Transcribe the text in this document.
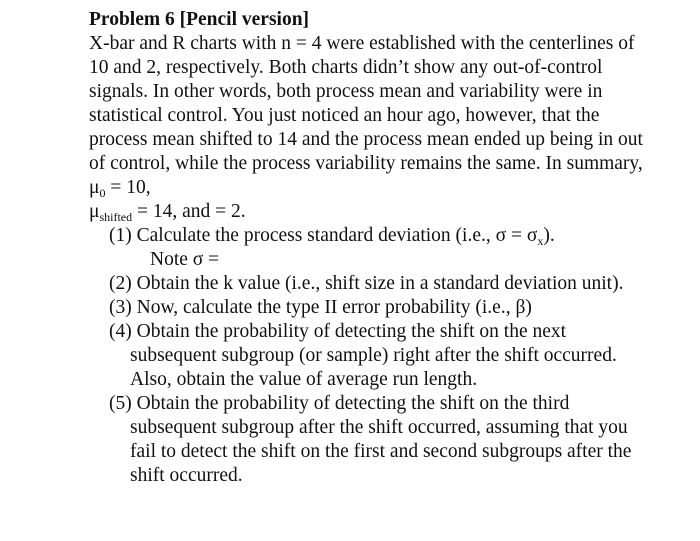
Problem 6 [Pencil version]

X-bar and R charts with n = 4 were established with the centerlines of 10 and 2, respectively. Both charts didn’t show any out-of-control signals. In other words, both process mean and variability were in statistical control. You just noticed an hour ago, however, that the process mean shifted to 14 and the process mean ended up being in out of control, while the process variability remains the same. In summary, $\mu_0 = 10$,
$\mu_{shifted} = 14$, and = 2.

(1) Calculate the process standard deviation (i.e., $\sigma = \sigma_x$).

Note σ =

(2) Obtain the k value (i.e., shift size in a standard deviation unit).

(3) Now, calculate the type II error probability (i.e., β)

(4) Obtain the probability of detecting the shift on the next subsequent subgroup (or sample) right after the shift occurred. Also, obtain the value of average run length.

(5) Obtain the probability of detecting the shift on the third subsequent subgroup after the shift occurred, assuming that you fail to detect the shift on the first and second subgroups after the shift occurred.
